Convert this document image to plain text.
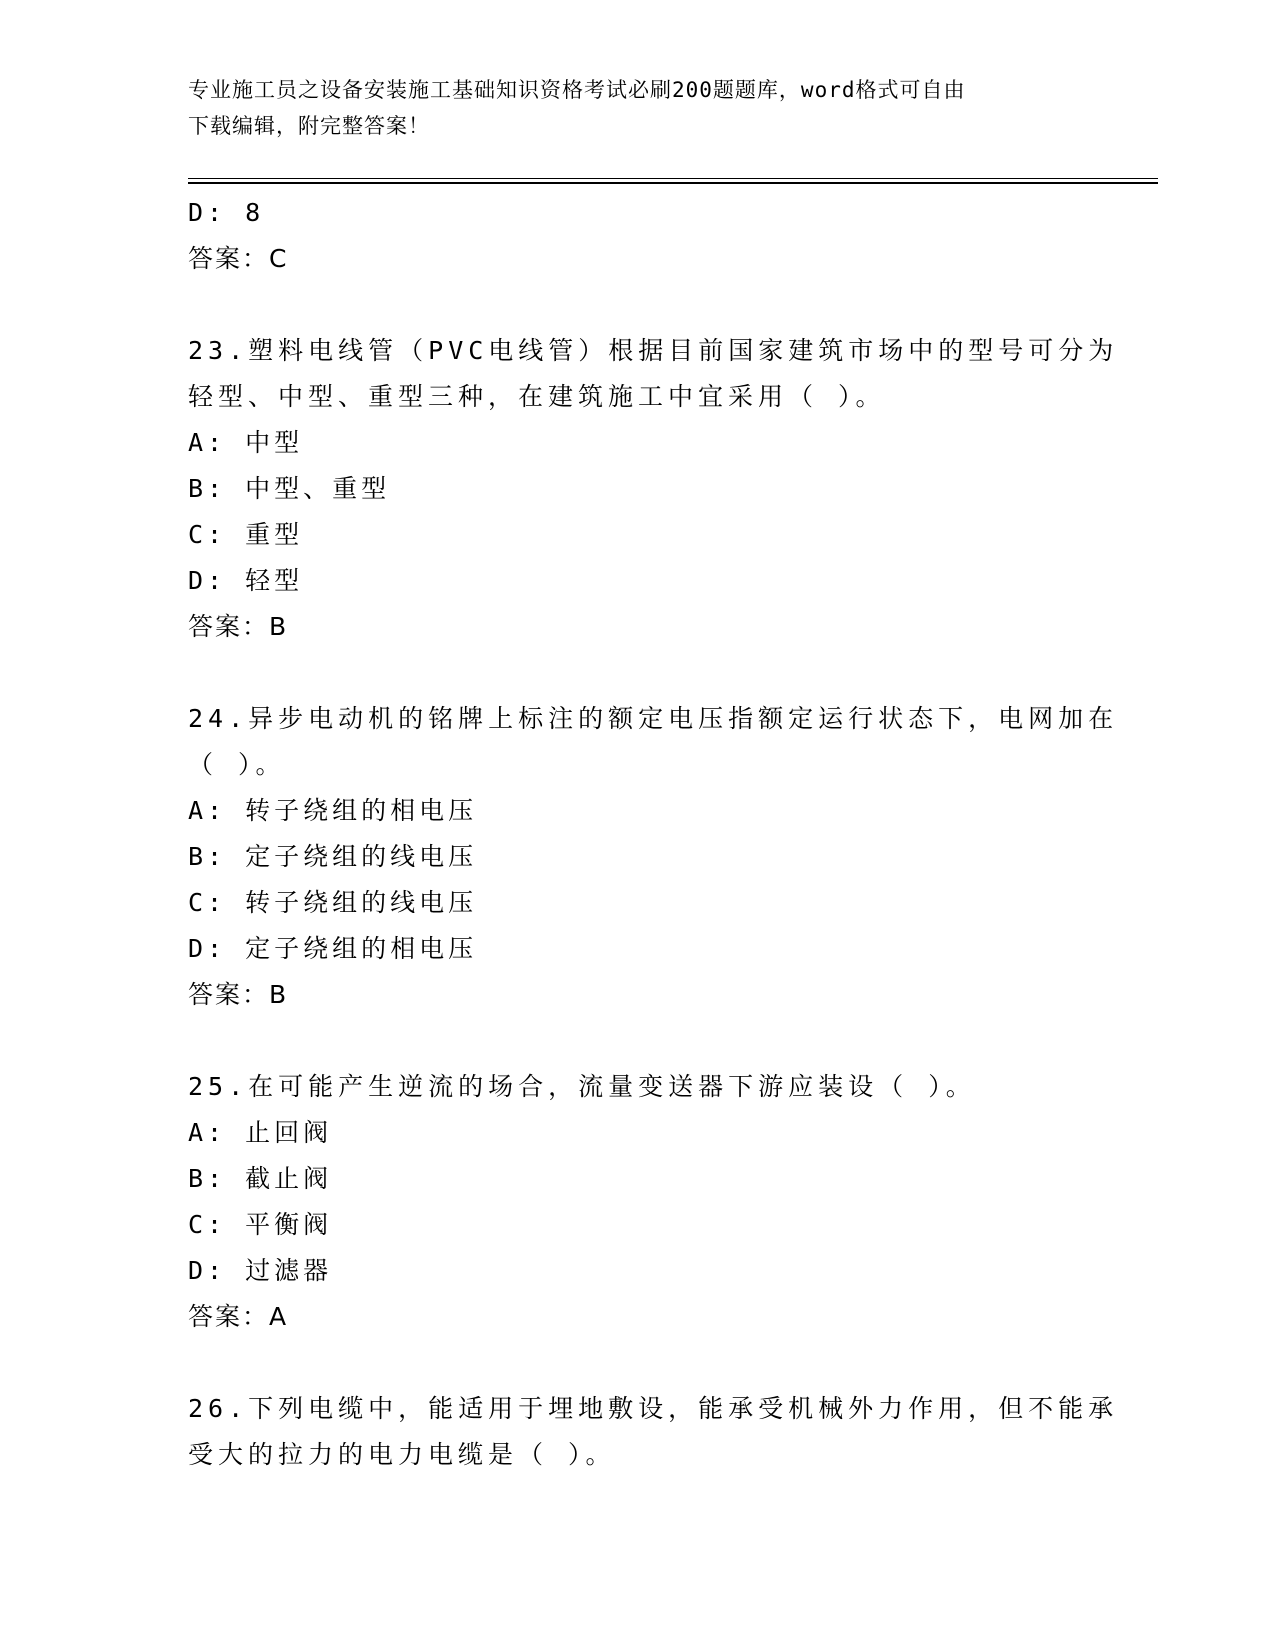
专业施工员之设备安装施工基础知识资格考试必刷200题题库，word格式可自由
下载编辑，附完整答案！
D: 8
答案：C
23.塑料电线管（PVC电线管）根据目前国家建筑市场中的型号可分为
轻型、中型、重型三种，在建筑施工中宜采用（ ）。
A: 中型
B: 中型、重型
C: 重型
D: 轻型
答案：B
24.异步电动机的铭牌上标注的额定电压指额定运行状态下，电网加在
（ ）。
A: 转子绕组的相电压
B: 定子绕组的线电压
C: 转子绕组的线电压
D: 定子绕组的相电压
答案：B
25.在可能产生逆流的场合，流量变送器下游应装设（ ）。
A: 止回阀
B: 截止阀
C: 平衡阀
D: 过滤器
答案：A
26.下列电缆中，能适用于埋地敷设，能承受机械外力作用，但不能承
受大的拉力的电力电缆是（ ）。
